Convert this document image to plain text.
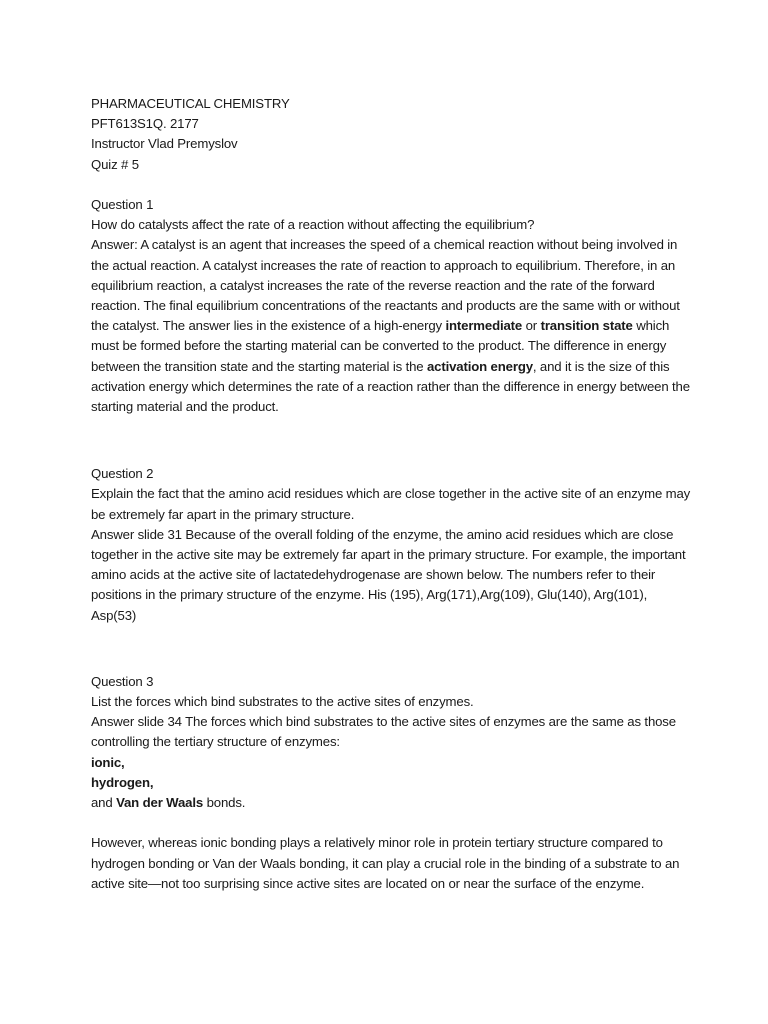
PHARMACEUTICAL CHEMISTRY

PFT613S1Q. 2177

Instructor Vlad Premyslov

Quiz # 5

Question 1

How do catalysts affect the rate of a reaction without affecting the equilibrium?

Answer: A catalyst is an agent that increases the speed of a chemical reaction without being involved in the actual reaction. A catalyst increases the rate of reaction to approach to equilibrium. Therefore, in an equilibrium reaction, a catalyst increases the rate of the reverse reaction and the rate of the forward reaction. The final equilibrium concentrations of the reactants and products are the same with or without the catalyst. The answer lies in the existence of a high-energy intermediate or transition state which must be formed before the starting material can be converted to the product. The difference in energy between the transition state and the starting material is the activation energy, and it is the size of this activation energy which determines the rate of a reaction rather than the difference in energy between the starting material and the product.

Question 2

Explain the fact that the amino acid residues which are close together in the active site of an enzyme may be extremely far apart in the primary structure.

Answer slide 31 Because of the overall folding of the enzyme, the amino acid residues which are close together in the active site may be extremely far apart in the primary structure. For example, the important amino acids at the active site of lactatedehydrogenase are shown below. The numbers refer to their positions in the primary structure of the enzyme. His (195), Arg(171),Arg(109), Glu(140), Arg(101), Asp(53)

Question 3

List the forces which bind substrates to the active sites of enzymes.

Answer slide 34 The forces which bind substrates to the active sites of enzymes are the same as those controlling the tertiary structure of enzymes:

ionic,

hydrogen,

and Van der Waals bonds.

However, whereas ionic bonding plays a relatively minor role in protein tertiary structure compared to hydrogen bonding or Van der Waals bonding, it can play a crucial role in the binding of a substrate to an active site—not too surprising since active sites are located on or near the surface of the enzyme.
